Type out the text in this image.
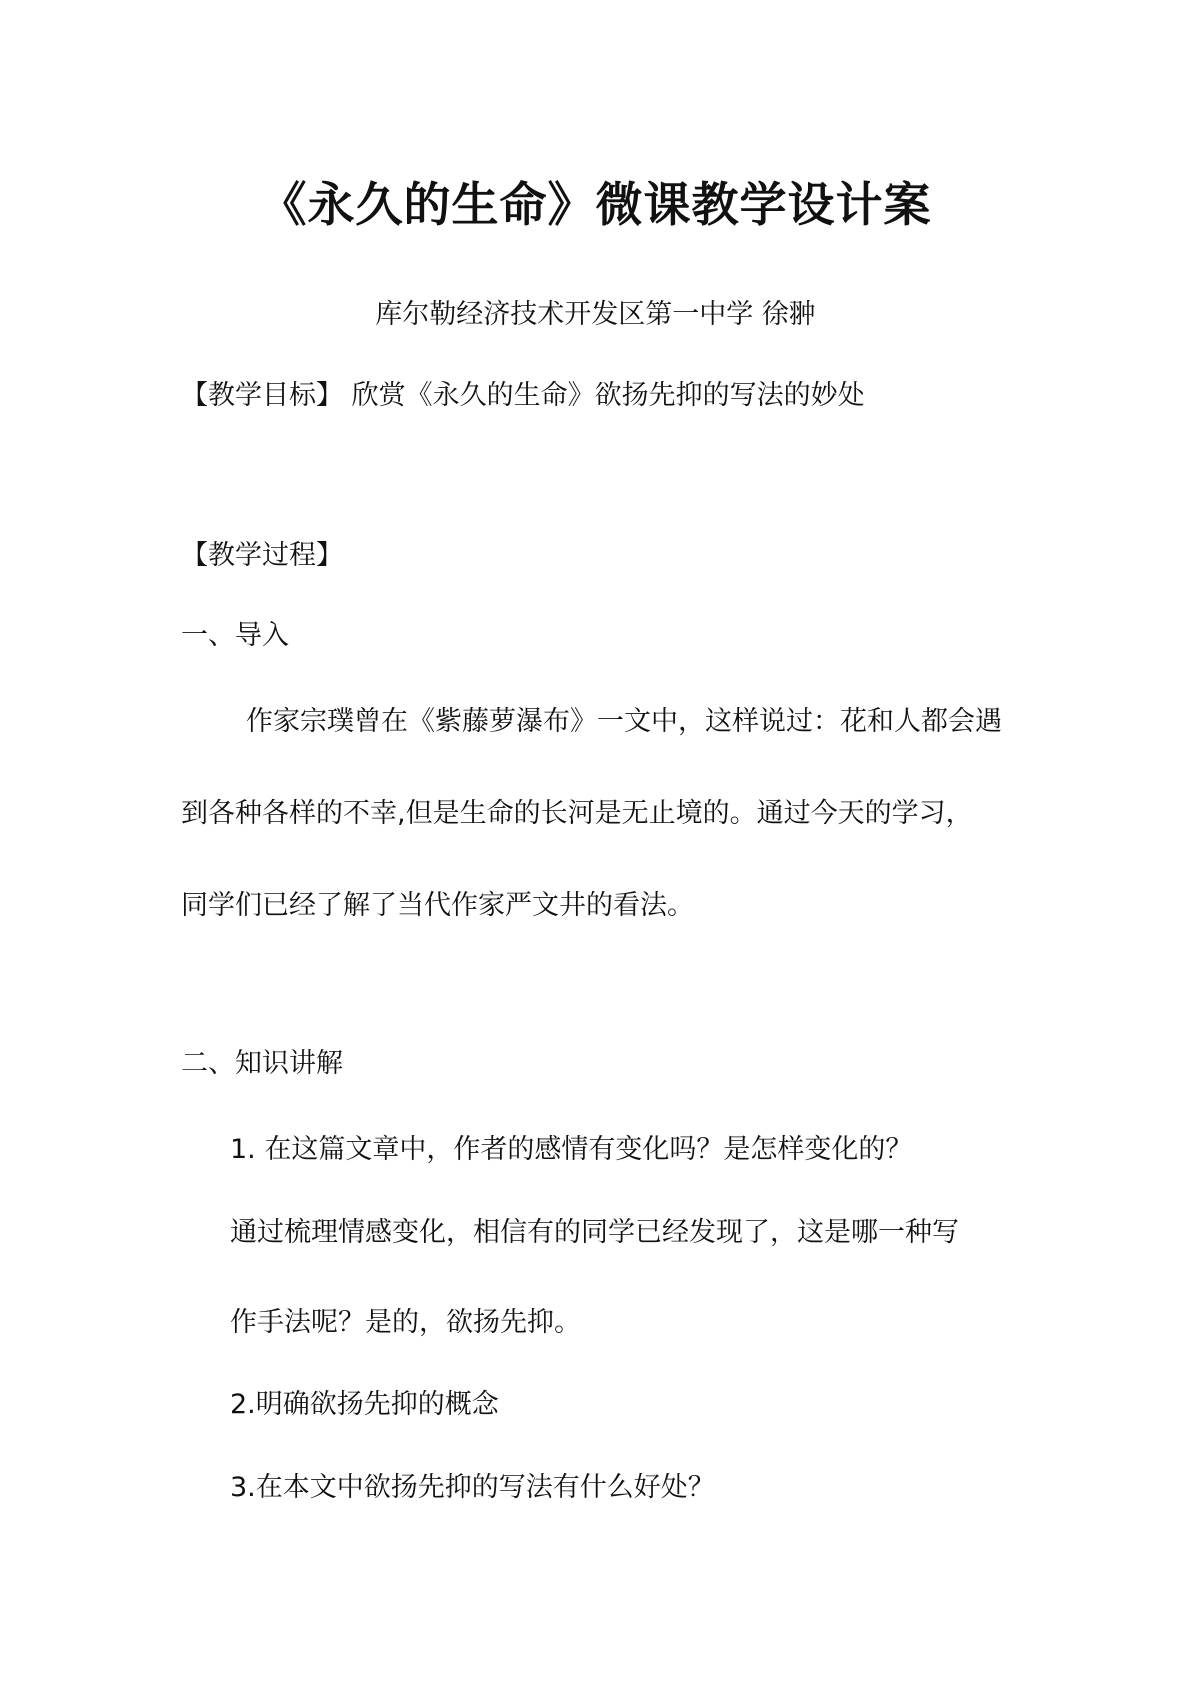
《永久的生命》微课教学设计案
库尔勒经济技术开发区第一中学 徐翀
【教学目标】 欣赏《永久的生命》欲扬先抑的写法的妙处
【教学过程】
一、导入
作家宗璞曾在《紫藤萝瀑布》一文中，这样说过：花和人都会遇
到各种各样的不幸,但是生命的长河是无止境的。通过今天的学习，
同学们已经了解了当代作家严文井的看法。
二、知识讲解
1. 在这篇文章中，作者的感情有变化吗？是怎样变化的？
通过梳理情感变化，相信有的同学已经发现了，这是哪一种写
作手法呢？是的，欲扬先抑。
2.明确欲扬先抑的概念
3.在本文中欲扬先抑的写法有什么好处？
